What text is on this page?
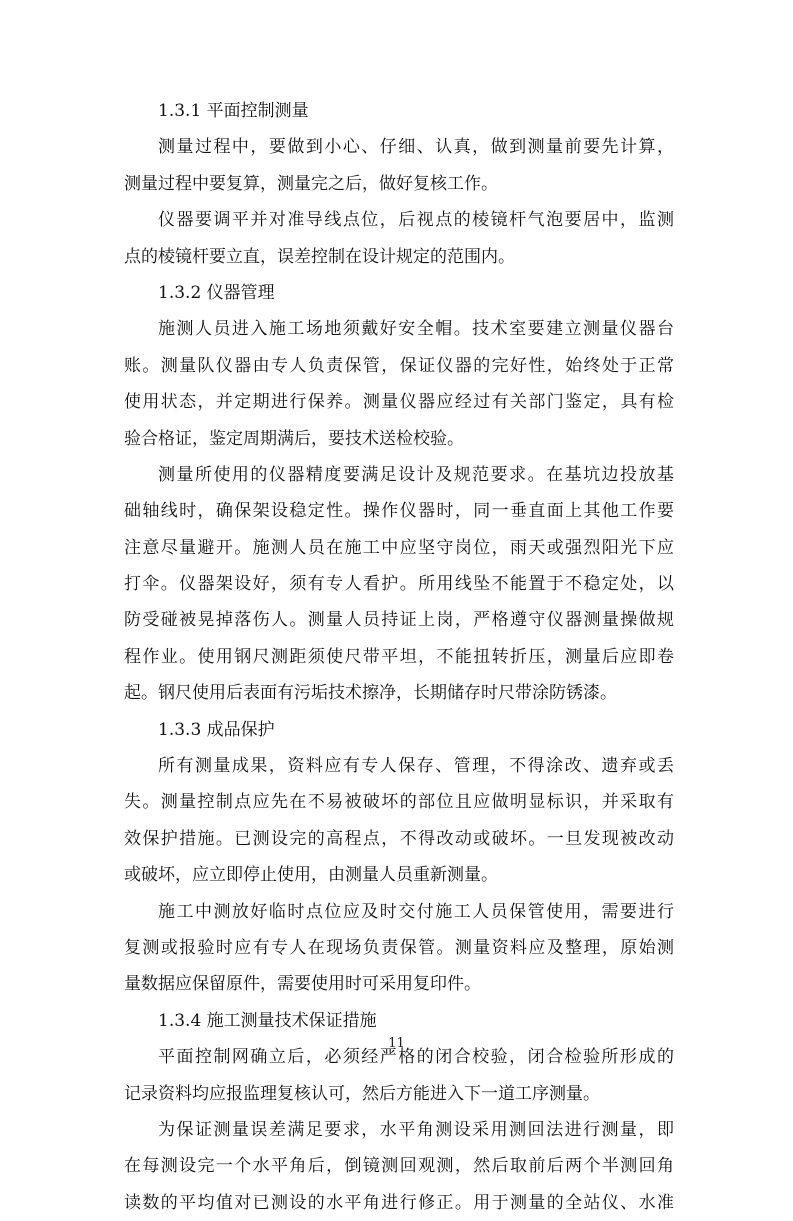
1.3.1 平面控制测量
测量过程中，要做到小心、仔细、认真，做到测量前要先计算，
测量过程中要复算，测量完之后，做好复核工作。
仪器要调平并对准导线点位，后视点的棱镜杆气泡要居中，监测
点的棱镜杆要立直，误差控制在设计规定的范围内。
1.3.2 仪器管理
施测人员进入施工场地须戴好安全帽。技术室要建立测量仪器台
账。测量队仪器由专人负责保管，保证仪器的完好性，始终处于正常
使用状态，并定期进行保养。测量仪器应经过有关部门鉴定，具有检
验合格证，鉴定周期满后，要技术送检校验。
测量所使用的仪器精度要满足设计及规范要求。在基坑边投放基
础轴线时，确保架设稳定性。操作仪器时，同一垂直面上其他工作要
注意尽量避开。施测人员在施工中应坚守岗位，雨天或强烈阳光下应
打伞。仪器架设好，须有专人看护。所用线坠不能置于不稳定处，以
防受碰被晃掉落伤人。测量人员持证上岗，严格遵守仪器测量操做规
程作业。使用钢尺测距须使尺带平坦，不能扭转折压，测量后应即卷
起。钢尺使用后表面有污垢技术擦净，长期储存时尺带涂防锈漆。
1.3.3 成品保护
所有测量成果，资料应有专人保存、管理，不得涂改、遗弃或丢
失。测量控制点应先在不易被破坏的部位且应做明显标识，并采取有
效保护措施。已测设完的高程点，不得改动或破坏。一旦发现被改动
或破坏，应立即停止使用，由测量人员重新测量。
施工中测放好临时点位应及时交付施工人员保管使用，需要进行
复测或报验时应有专人在现场负责保管。测量资料应及整理，原始测
量数据应保留原件，需要使用时可采用复印件。
1.3.4 施工测量技术保证措施
平面控制网确立后，必须经严格的闭合校验，闭合检验所形成的
记录资料均应报监理复核认可，然后方能进入下一道工序测量。
为保证测量误差满足要求，水平角测设采用测回法进行测量，即
在每测设完一个水平角后，倒镜测回观测，然后取前后两个半测回角
读数的平均值对已测设的水平角进行修正。用于测量的全站仪、水准
11
